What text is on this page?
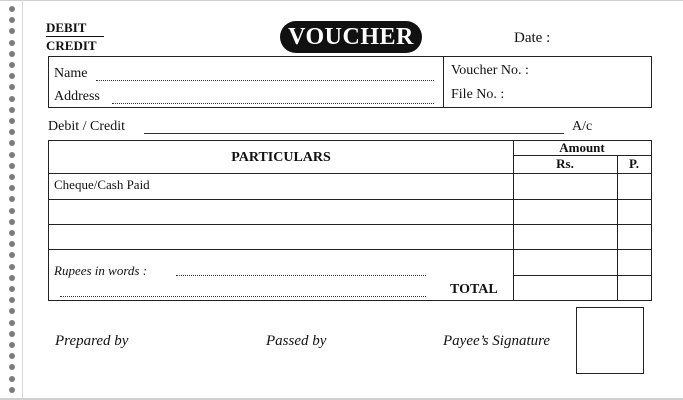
DEBIT
CREDIT	VOUCHER	Date :
Name
Address
Voucher No. :
File No. :
Debit / Credit	A/c
PARTICULARS
Amount
Rs.	P.
Cheque/Cash Paid
Rupees in words :
TOTAL
Prepared by	Passed by	Payee’s Signature
